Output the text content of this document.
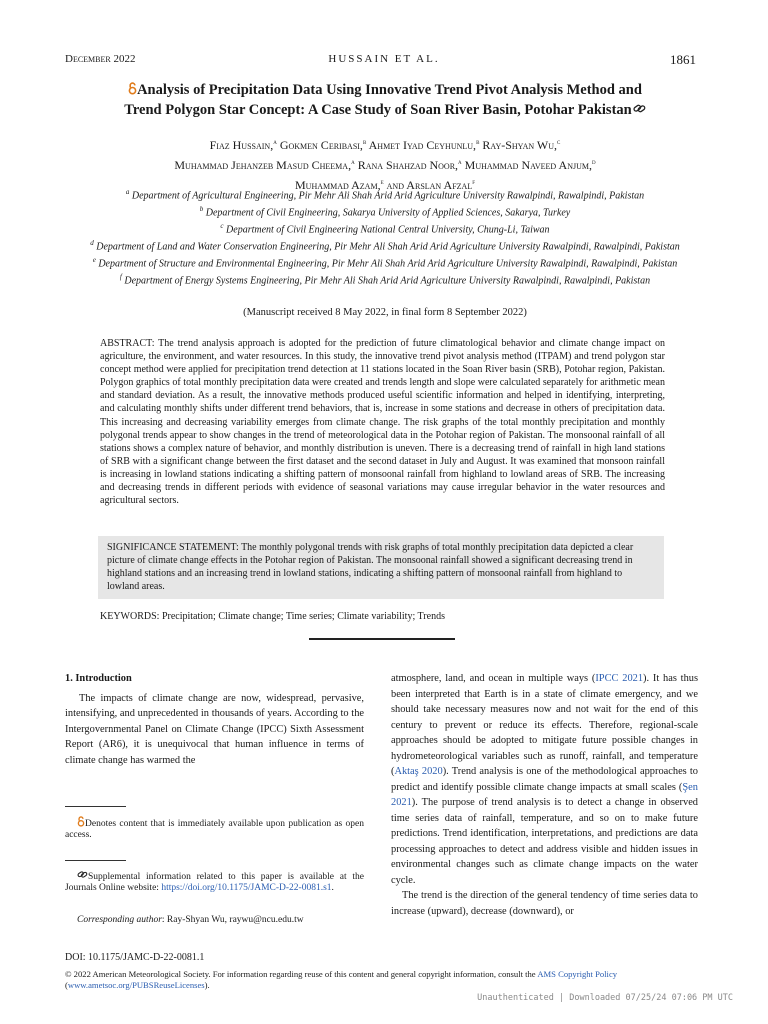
December 2022	HUSSAIN ET AL.	1861
Analysis of Precipitation Data Using Innovative Trend Pivot Analysis Method and
Trend Polygon Star Concept: A Case Study of Soan River Basin, Potohar Pakistan
Fiaz Hussain,$^a$ Gokmen Ceribasi,$^b$ Ahmet Iyad Ceyhunlu,$^b$ Ray-Shyan Wu,$^c$
Muhammad Jehanzeb Masud Cheema,$^a$ Rana Shahzad Noor,$^a$ Muhammad Naveed Anjum,$^d$
Muhammad Azam,$^e$ and Arslan Afzal$^f$
$^a$ Department of Agricultural Engineering, Pir Mehr Ali Shah Arid Arid Agriculture University Rawalpindi, Rawalpindi, Pakistan
$^b$ Department of Civil Engineering, Sakarya University of Applied Sciences, Sakarya, Turkey
$^c$ Department of Civil Engineering National Central University, Chung-Li, Taiwan
$^d$ Department of Land and Water Conservation Engineering, Pir Mehr Ali Shah Arid Arid Agriculture University Rawalpindi, Rawalpindi, Pakistan
$^e$ Department of Structure and Environmental Engineering, Pir Mehr Ali Shah Arid Arid Agriculture University Rawalpindi, Rawalpindi, Pakistan
$^f$ Department of Energy Systems Engineering, Pir Mehr Ali Shah Arid Arid Agriculture University Rawalpindi, Rawalpindi, Pakistan
(Manuscript received 8 May 2022, in final form 8 September 2022)
ABSTRACT: The trend analysis approach is adopted for the prediction of future climatological behavior and climate change impact on agriculture, the environment, and water resources. In this study, the innovative trend pivot analysis method (ITPAM) and trend polygon star concept method were applied for precipitation trend detection at 11 stations located in the Soan River basin (SRB), Potohar region, Pakistan. Polygon graphics of total monthly precipitation data were created and trends length and slope were calculated separately for arithmetic mean and standard deviation. As a result, the innovative methods produced useful scientific information and helped in identifying, interpreting, and calculating monthly shifts under different trend behaviors, that is, increase in some stations and decrease in others of precipitation data. This increasing and decreasing variability emerges from climate change. The risk graphs of the total monthly precipitation and monthly polygonal trends appear to show changes in the trend of meteorological data in the Potohar region of Pakistan. The monsoonal rainfall of all stations shows a complex nature of behavior, and monthly distribution is uneven. There is a decreasing trend of rainfall in high land stations of SRB with a significant change between the first dataset and the second dataset in July and August. It was examined that monsoon rainfall is increasing in lowland stations indicating a shifting pattern of monsoonal rainfall from highland to lowland areas of SRB. The increasing and decreasing trends in different periods with evidence of seasonal variations may cause irregular behavior in the water resources and agricultural sectors.
SIGNIFICANCE STATEMENT: The monthly polygonal trends with risk graphs of total monthly precipitation data depicted a clear picture of climate change effects in the Potohar region of Pakistan. The monsoonal rainfall showed a significant decreasing trend in highland stations and an increasing trend in lowland stations, indicating a shifting pattern of monsoonal rainfall from highland to lowland areas.
KEYWORDS: Precipitation; Climate change; Time series; Climate variability; Trends
1. Introduction
The impacts of climate change are now, widespread, pervasive, intensifying, and unprecedented in thousands of years. According to the Intergovernmental Panel on Climate Change (IPCC) Sixth Assessment Report (AR6), it is unequivocal that human influence in terms of climate change has warmed the
Denotes content that is immediately available upon publication as open access.
Supplemental information related to this paper is available at the Journals Online website: https://doi.org/10.1175/JAMC-D-22-0081.s1.
Corresponding author: Ray-Shyan Wu, raywu@ncu.edu.tw
atmosphere, land, and ocean in multiple ways (IPCC 2021). It has thus been interpreted that Earth is in a state of climate emergency, and we should take necessary measures now and not wait for the end of this century to prevent or reduce its effects. Therefore, regional-scale approaches should be adopted to mitigate future possible changes in hydrometeorological variables such as runoff, rainfall, and temperature (Aktaş 2020). Trend analysis is one of the methodological approaches to predict and identify possible climate change impacts at small scales (Şen 2021). The purpose of trend analysis is to detect a change in observed time series data of rainfall, temperature, and so on to make future predictions. Trend identification, interpretations, and predictions are data processing approaches to detect and address visible and hidden issues in environmental changes such as climate change impacts on the water cycle.
The trend is the direction of the general tendency of time series data to increase (upward), decrease (downward), or
DOI: 10.1175/JAMC-D-22-0081.1
© 2022 American Meteorological Society. For information regarding reuse of this content and general copyright information, consult the AMS Copyright Policy (www.ametsoc.org/PUBSReuseLicenses).
Unauthenticated | Downloaded 07/25/24 07:06 PM UTC
